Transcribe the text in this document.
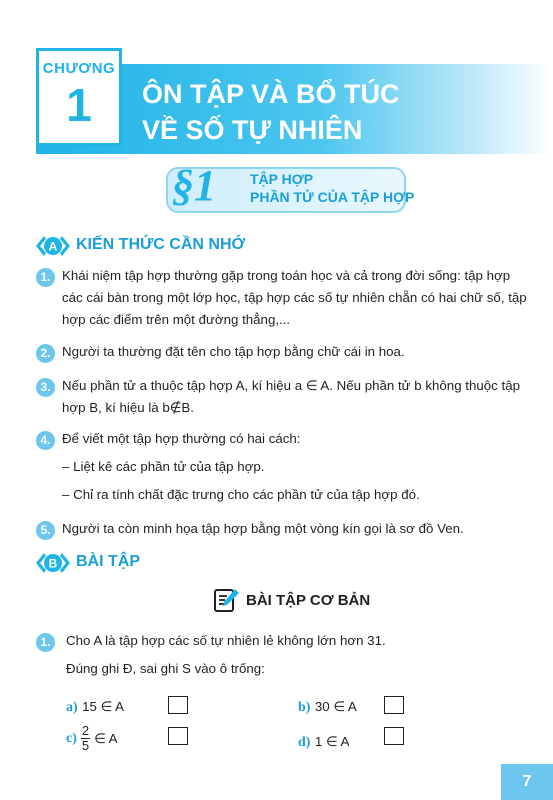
CHƯƠNG
1	ÔN TẬP VÀ BỔ TÚC
VỀ SỐ TỰ NHIÊN
§1 TẬP HỢP
PHẦN TỬ CỦA TẬP HỢP
A KIẾN THỨC CẦN NHỚ
1. Khái niệm tập hợp thường gặp trong toán học và cả trong đời sống: tập hợp
các cái bàn trong một lớp học, tập hợp các số tự nhiên chẵn có hai chữ số, tập
hợp các điểm trên một đường thẳng,...
2. Người ta thường đặt tên cho tập hợp bằng chữ cái in hoa.
3. Nếu phần tử a thuộc tập hợp A, kí hiệu a ∈ A. Nếu phần tử b không thuộc tập
hợp B, kí hiệu là b∉B.
4. Để viết một tập hợp thường có hai cách:
– Liệt kê các phần tử của tập hợp.
– Chỉ ra tính chất đặc trưng cho các phần tử của tập hợp đó.
5. Người ta còn minh họa tập hợp bằng một vòng kín gọi là sơ đồ Ven.
B BÀI TẬP
BÀI TẬP CƠ BẢN
1.	Cho A là tập hợp các số tự nhiên lẻ không lớn hơn 31.
Đúng ghi Đ, sai ghi S vào ô trống:
a) 15 ∈ A	b) 30 ∈ A
$c) \frac{2}{5}$ ∈ A	d) 1 ∈ A
7
